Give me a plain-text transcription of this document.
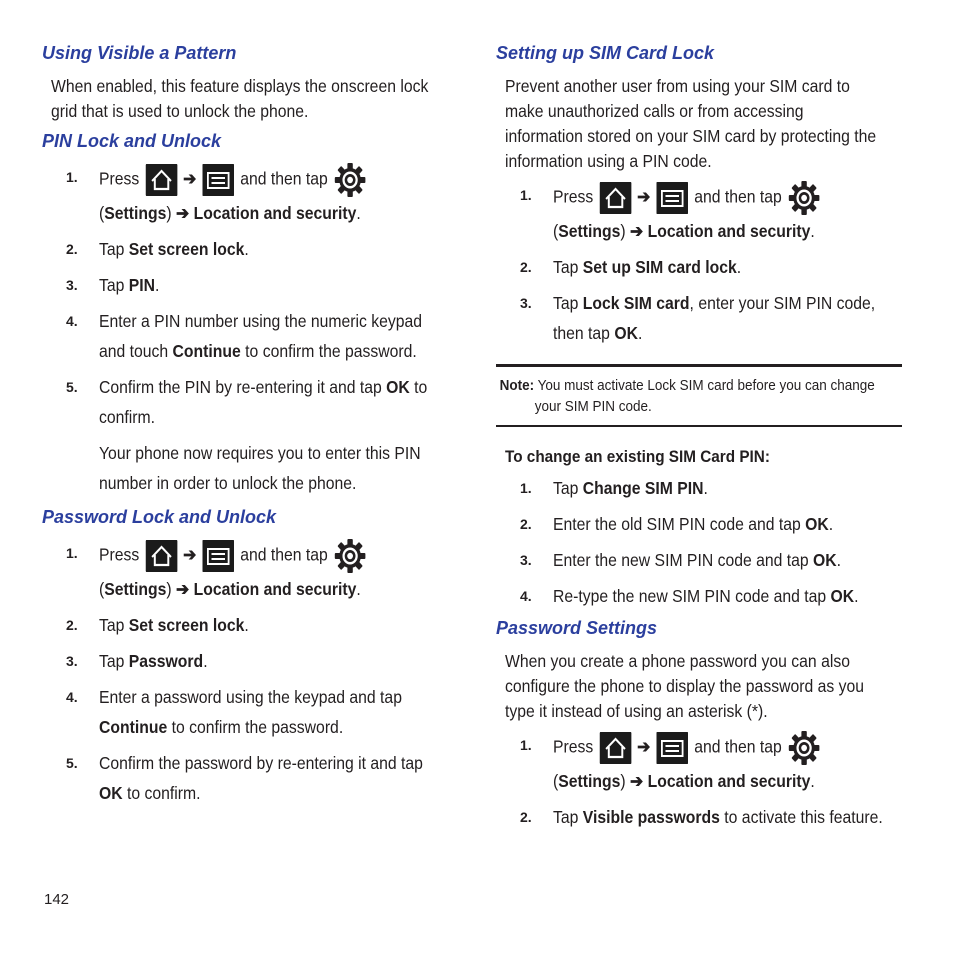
Using Visible a Pattern
When enabled, this feature displays the onscreen lock
grid that is used to unlock the phone.
PIN Lock and Unlock
1. Press	➔	and then tap
(Settings) ➔ Location and security.
2. Tap Set screen lock.
3. Tap PIN.
4. Enter a PIN number using the numeric keypad
and touch Continue to confirm the password.
5. Confirm the PIN by re-entering it and tap OK to
confirm.
Your phone now requires you to enter this PIN
number in order to unlock the phone.
Password Lock and Unlock
1. Press	➔	and then tap
(Settings) ➔ Location and security.
2. Tap Set screen lock.
3. Tap Password.
4. Enter a password using the keypad and tap
Continue to confirm the password.
5. Confirm the password by re-entering it and tap
OK to confirm.
Setting up SIM Card Lock
Prevent another user from using your SIM card to
make unauthorized calls or from accessing
information stored on your SIM card by protecting the
information using a PIN code.
1. Press	➔	and then tap
(Settings) ➔ Location and security.
2. Tap Set up SIM card lock.
3. Tap Lock SIM card, enter your SIM PIN code,
then tap OK.
Note: You must activate Lock SIM card before you can change
your SIM PIN code.
To change an existing SIM Card PIN:
1. Tap Change SIM PIN.
2. Enter the old SIM PIN code and tap OK.
3. Enter the new SIM PIN code and tap OK.
4. Re-type the new SIM PIN code and tap OK.
Password Settings
When you create a phone password you can also
configure the phone to display the password as you
type it instead of using an asterisk (*).
1. Press	➔	and then tap
(Settings) ➔ Location and security.
2. Tap Visible passwords to activate this feature.
142
